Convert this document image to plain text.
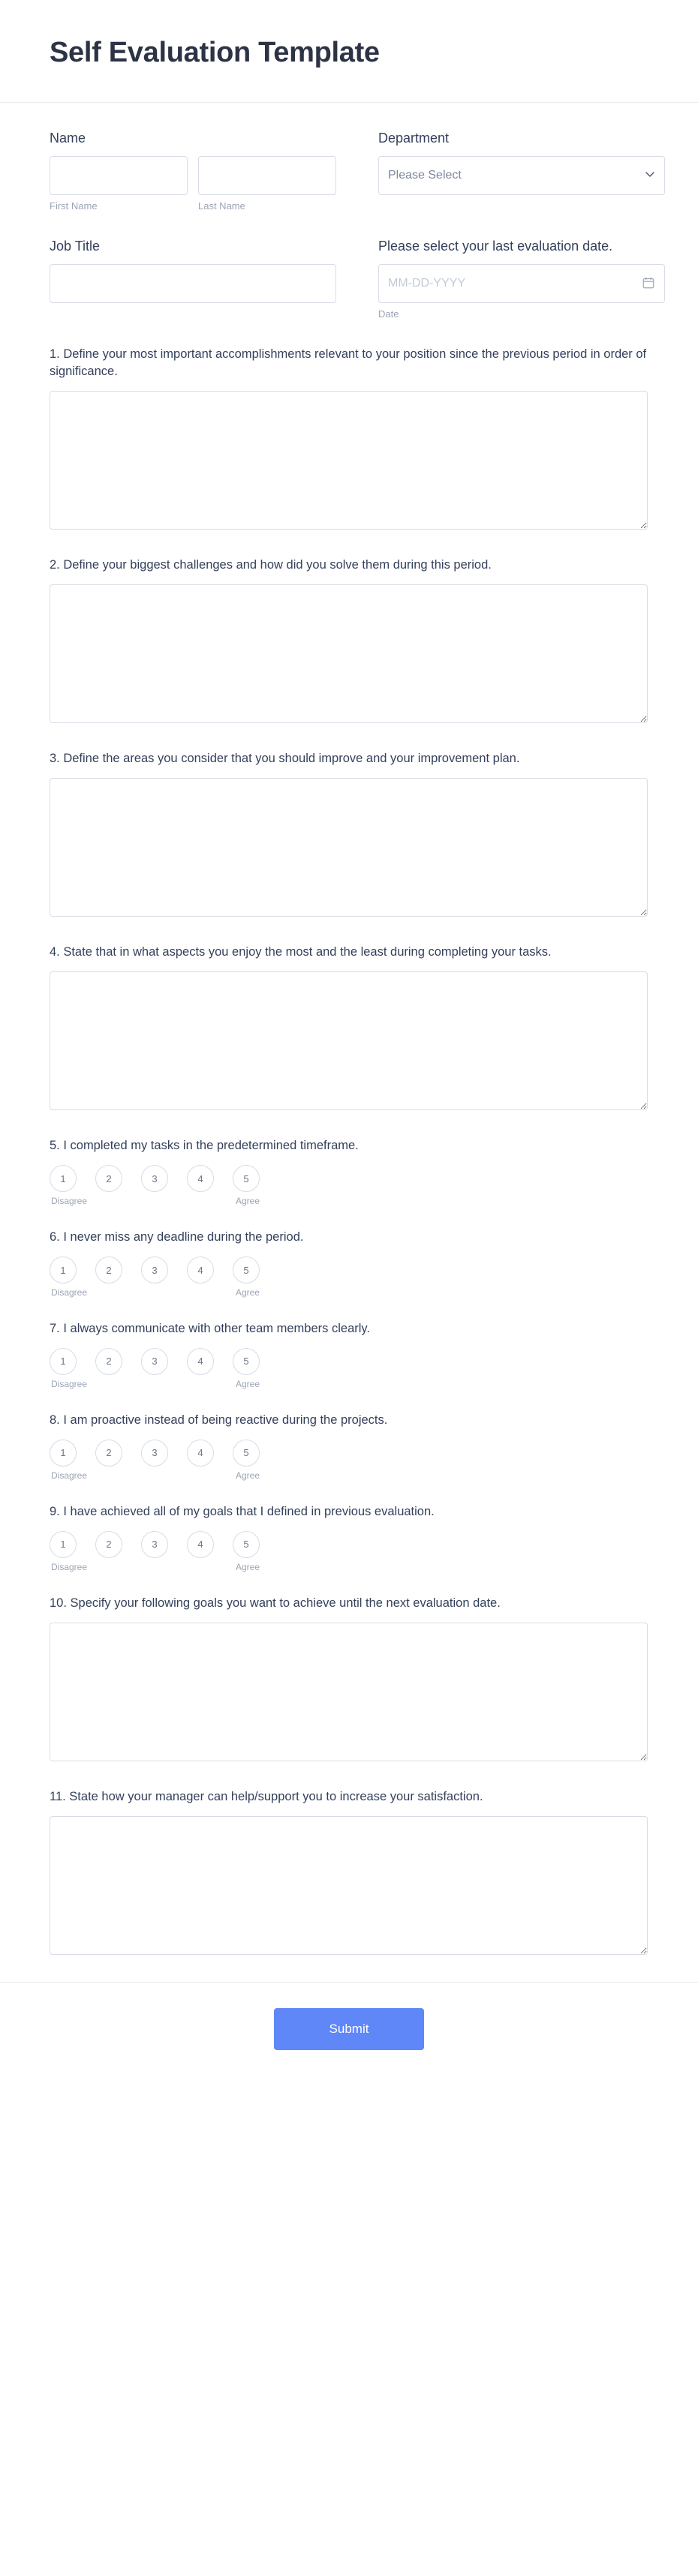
Self Evaluation Template
Name
First Name	Last Name
Department
Please Select
Job Title	Please select your last evaluation date.
MM-DD-YYYY
Date
1. Define your most important accomplishments relevant to your position since the previous period in order of significance.
2. Define your biggest challenges and how did you solve them during this period.
3. Define the areas you consider that you should improve and your improvement plan.
4. State that in what aspects you enjoy the most and the least during completing your tasks.
5. I completed my tasks in the predetermined timeframe.
1	2	3	4	5
Disagree	Agree
6. I never miss any deadline during the period.
1	2	3	4	5
Disagree	Agree
7. I always communicate with other team members clearly.
1	2	3	4	5
Disagree	Agree
8. I am proactive instead of being reactive during the projects.
1	2	3	4	5
Disagree	Agree
9. I have achieved all of my goals that I defined in previous evaluation.
1	2	3	4	5
Disagree	Agree
10. Specify your following goals you want to achieve until the next evaluation date.
11. State how your manager can help/support you to increase your satisfaction.
Submit
